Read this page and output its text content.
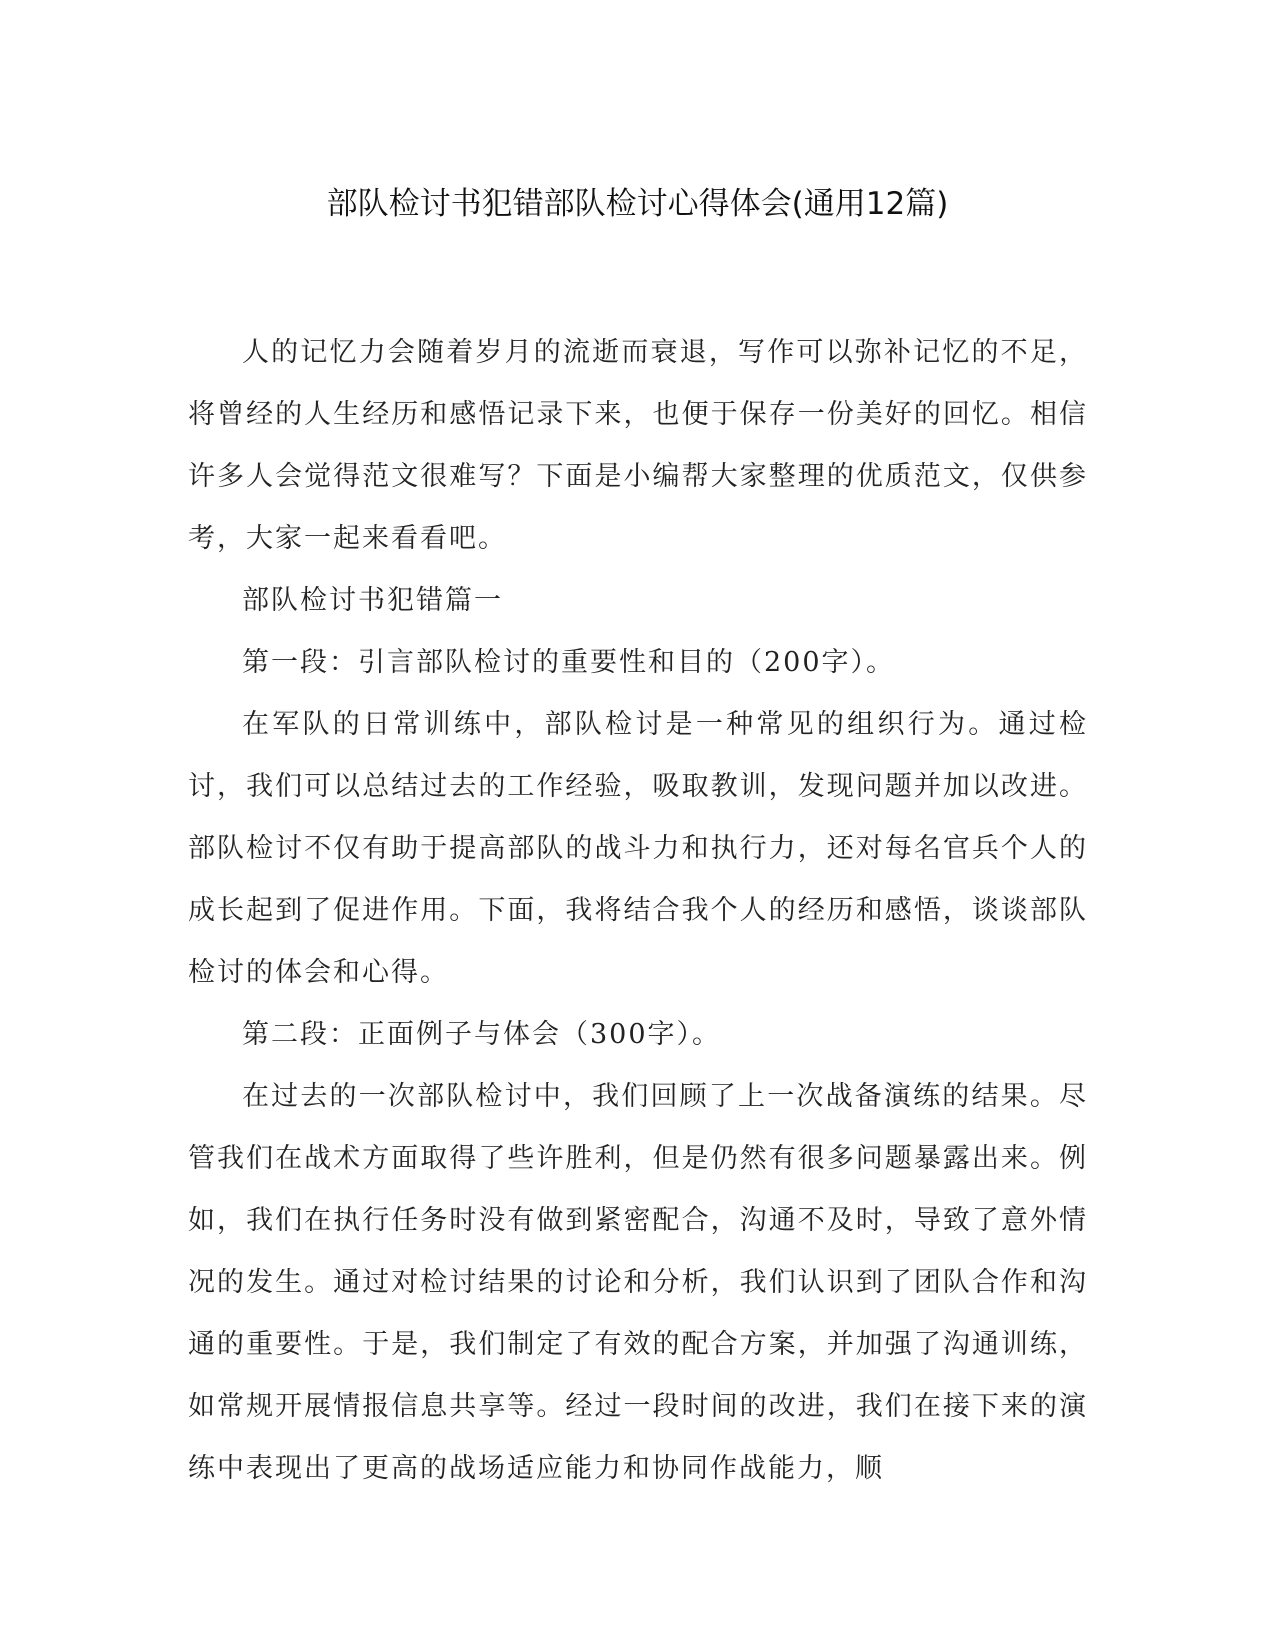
部队检讨书犯错部队检讨心得体会(通用12篇)

人的记忆力会随着岁月的流逝而衰退，写作可以弥补记忆的不足，将曾经的人生经历和感悟记录下来，也便于保存一份美好的回忆。相信许多人会觉得范文很难写？下面是小编帮大家整理的优质范文，仅供参考，大家一起来看看吧。

部队检讨书犯错篇一

第一段：引言部队检讨的重要性和目的（200字）。

在军队的日常训练中，部队检讨是一种常见的组织行为。通过检讨，我们可以总结过去的工作经验，吸取教训，发现问题并加以改进。部队检讨不仅有助于提高部队的战斗力和执行力，还对每名官兵个人的成长起到了促进作用。下面，我将结合我个人的经历和感悟，谈谈部队检讨的体会和心得。

第二段：正面例子与体会（300字）。

在过去的一次部队检讨中，我们回顾了上一次战备演练的结果。尽管我们在战术方面取得了些许胜利，但是仍然有很多问题暴露出来。例如，我们在执行任务时没有做到紧密配合，沟通不及时，导致了意外情况的发生。通过对检讨结果的讨论和分析，我们认识到了团队合作和沟通的重要性。于是，我们制定了有效的配合方案，并加强了沟通训练，如常规开展情报信息共享等。经过一段时间的改进，我们在接下来的演练中表现出了更高的战场适应能力和协同作战能力，顺
